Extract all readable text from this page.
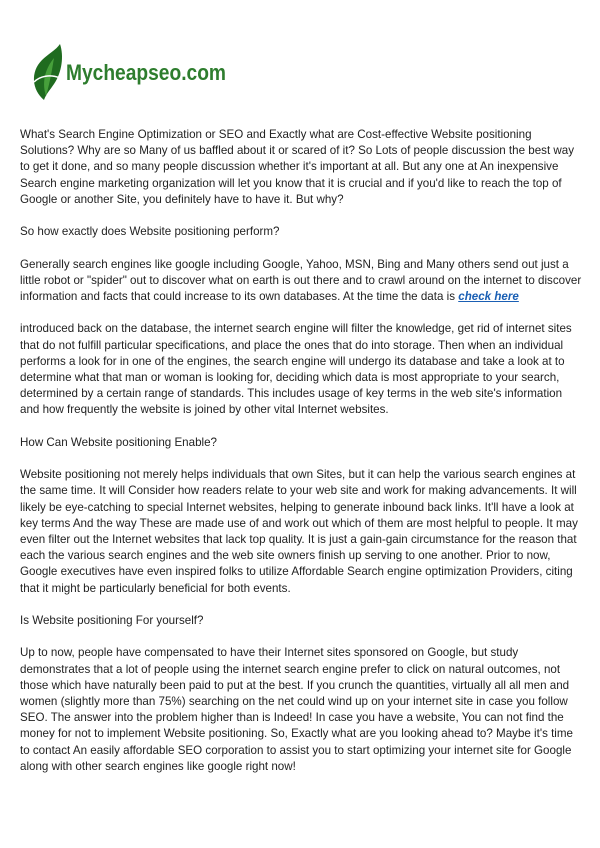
Mycheapseo.com

What's Search Engine Optimization or SEO and Exactly what are Cost-effective Website positioning Solutions? Why are so Many of us baffled about it or scared of it? So Lots of people discussion the best way to get it done, and so many people discussion whether it's important at all. But any one at An inexpensive Search engine marketing organization will let you know that it is crucial and if you'd like to reach the top of Google or another Site, you definitely have to have it. But why?

So how exactly does Website positioning perform?

Generally search engines like google including Google, Yahoo, MSN, Bing and Many others send out just a little robot or "spider" out to discover what on earth is out there and to crawl around on the internet to discover information and facts that could increase to its own databases. At the time the data is check here

introduced back on the database, the internet search engine will filter the knowledge, get rid of internet sites that do not fulfill particular specifications, and place the ones that do into storage. Then when an individual performs a look for in one of the engines, the search engine will undergo its database and take a look at to determine what that man or woman is looking for, deciding which data is most appropriate to your search, determined by a certain range of standards. This includes usage of key terms in the web site's information and how frequently the website is joined by other vital Internet websites.

How Can Website positioning Enable?

Website positioning not merely helps individuals that own Sites, but it can help the various search engines at the same time. It will Consider how readers relate to your web site and work for making advancements. It will likely be eye-catching to special Internet websites, helping to generate inbound back links. It'll have a look at key terms And the way These are made use of and work out which of them are most helpful to people. It may even filter out the Internet websites that lack top quality. It is just a gain-gain circumstance for the reason that each the various search engines and the web site owners finish up serving to one another. Prior to now, Google executives have even inspired folks to utilize Affordable Search engine optimization Providers, citing that it might be particularly beneficial for both events.

Is Website positioning For yourself?

Up to now, people have compensated to have their Internet sites sponsored on Google, but study demonstrates that a lot of people using the internet search engine prefer to click on natural outcomes, not those which have naturally been paid to put at the best. If you crunch the quantities, virtually all all men and women (slightly more than 75%) searching on the net could wind up on your internet site in case you follow SEO. The answer into the problem higher than is Indeed! In case you have a website, You can not find the money for not to implement Website positioning. So, Exactly what are you looking ahead to? Maybe it's time to contact An easily affordable SEO corporation to assist you to start optimizing your internet site for Google along with other search engines like google right now!
